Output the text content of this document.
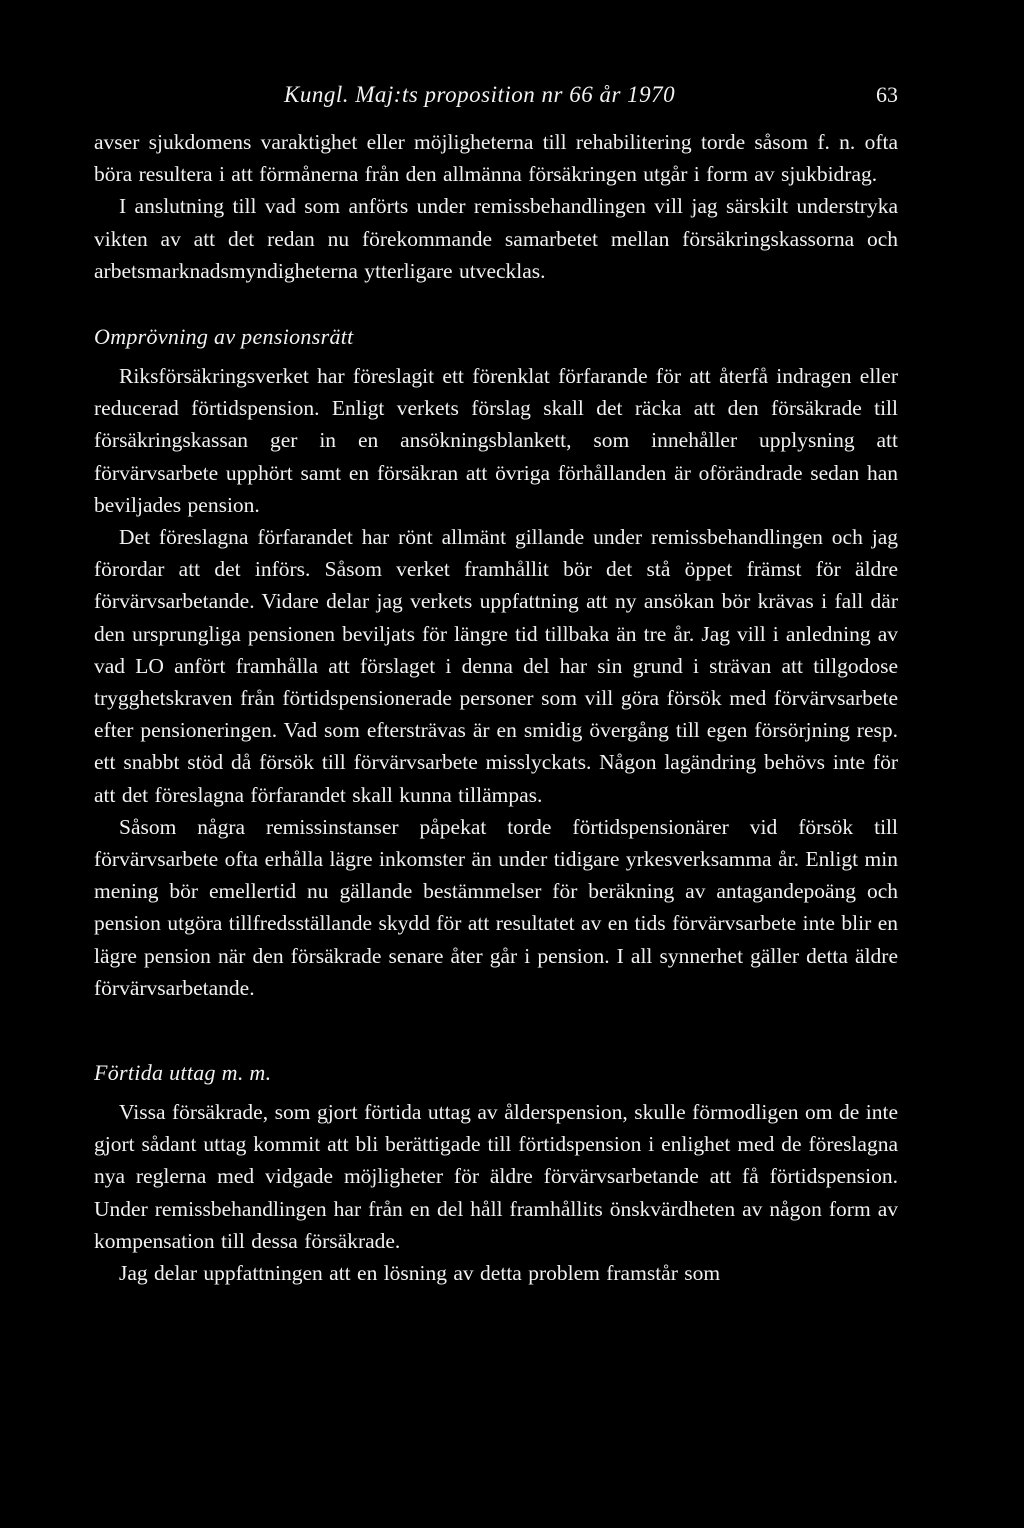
Kungl. Maj:ts proposition nr 66 år 1970	63

avser sjukdomens varaktighet eller möjligheterna till rehabilitering torde såsom f. n. ofta böra resultera i att förmånerna från den allmänna försäkringen utgår i form av sjukbidrag.

I anslutning till vad som anförts under remissbehandlingen vill jag särskilt understryka vikten av att det redan nu förekommande samarbetet mellan försäkringskassorna och arbetsmarknadsmyndigheterna ytterligare utvecklas.

Omprövning av pensionsrätt

Riksförsäkringsverket har föreslagit ett förenklat förfarande för att återfå indragen eller reducerad förtidspension. Enligt verkets förslag skall det räcka att den försäkrade till försäkringskassan ger in en ansökningsblankett, som innehåller upplysning att förvärvsarbete upphört samt en försäkran att övriga förhållanden är oförändrade sedan han beviljades pension.

Det föreslagna förfarandet har rönt allmänt gillande under remissbehandlingen och jag förordar att det införs. Såsom verket framhållit bör det stå öppet främst för äldre förvärvsarbetande. Vidare delar jag verkets uppfattning att ny ansökan bör krävas i fall där den ursprungliga pensionen beviljats för längre tid tillbaka än tre år. Jag vill i anledning av vad LO anfört framhålla att förslaget i denna del har sin grund i strävan att tillgodose trygghetskraven från förtidspensionerade personer som vill göra försök med förvärvsarbete efter pensioneringen. Vad som eftersträvas är en smidig övergång till egen försörjning resp. ett snabbt stöd då försök till förvärvsarbete misslyckats. Någon lagändring behövs inte för att det föreslagna förfarandet skall kunna tillämpas.

Såsom några remissinstanser påpekat torde förtidspensionärer vid försök till förvärvsarbete ofta erhålla lägre inkomster än under tidigare yrkesverksamma år. Enligt min mening bör emellertid nu gällande bestämmelser för beräkning av antagandepoäng och pension utgöra tillfredsställande skydd för att resultatet av en tids förvärvsarbete inte blir en lägre pension när den försäkrade senare åter går i pension. I all synnerhet gäller detta äldre förvärvsarbetande.

Förtida uttag m. m.

Vissa försäkrade, som gjort förtida uttag av ålderspension, skulle förmodligen om de inte gjort sådant uttag kommit att bli berättigade till förtidspension i enlighet med de föreslagna nya reglerna med vidgade möjligheter för äldre förvärvsarbetande att få förtidspension. Under remissbehandlingen har från en del håll framhållits önskvärdheten av någon form av kompensation till dessa försäkrade.

Jag delar uppfattningen att en lösning av detta problem framstår som
